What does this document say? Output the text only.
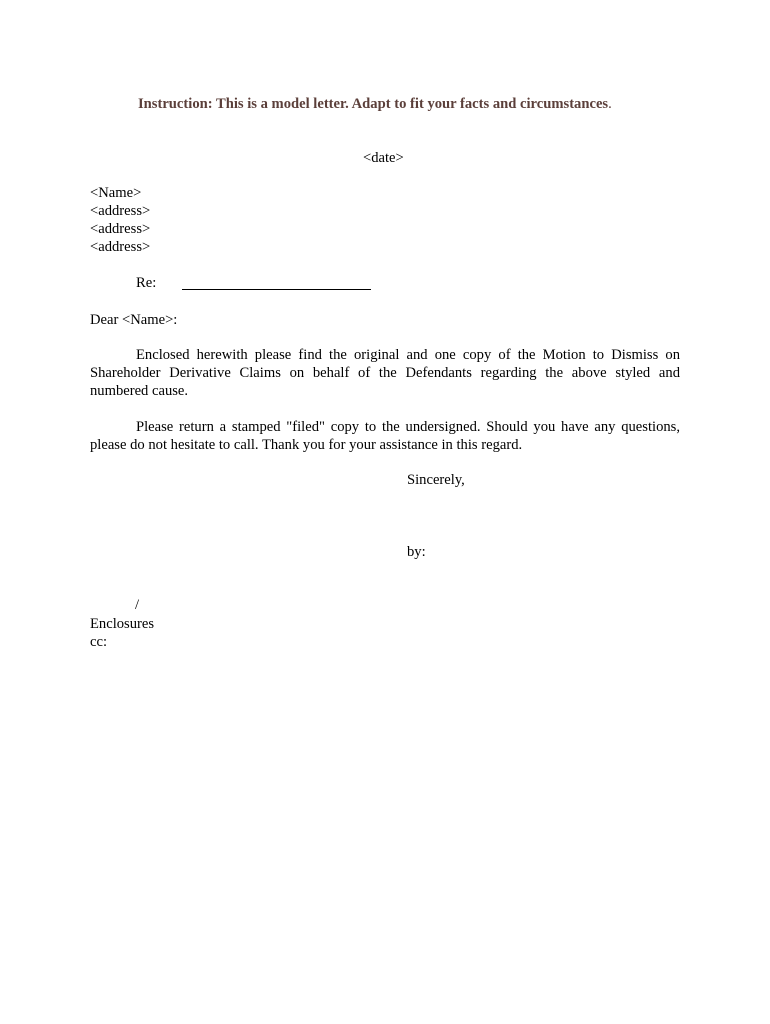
Instruction: This is a model letter. Adapt to fit your facts and circumstances.
<date>
<Name>
<address>
<address>
<address>
Re:
Dear <Name>:
Enclosed herewith please find the original and one copy of the Motion to Dismiss on Shareholder Derivative Claims on behalf of the Defendants regarding the above styled and numbered cause.
Please return a stamped "filed" copy to the undersigned. Should you have any questions, please do not hesitate to call. Thank you for your assistance in this regard.
Sincerely,
by:
/
Enclosures
cc:
